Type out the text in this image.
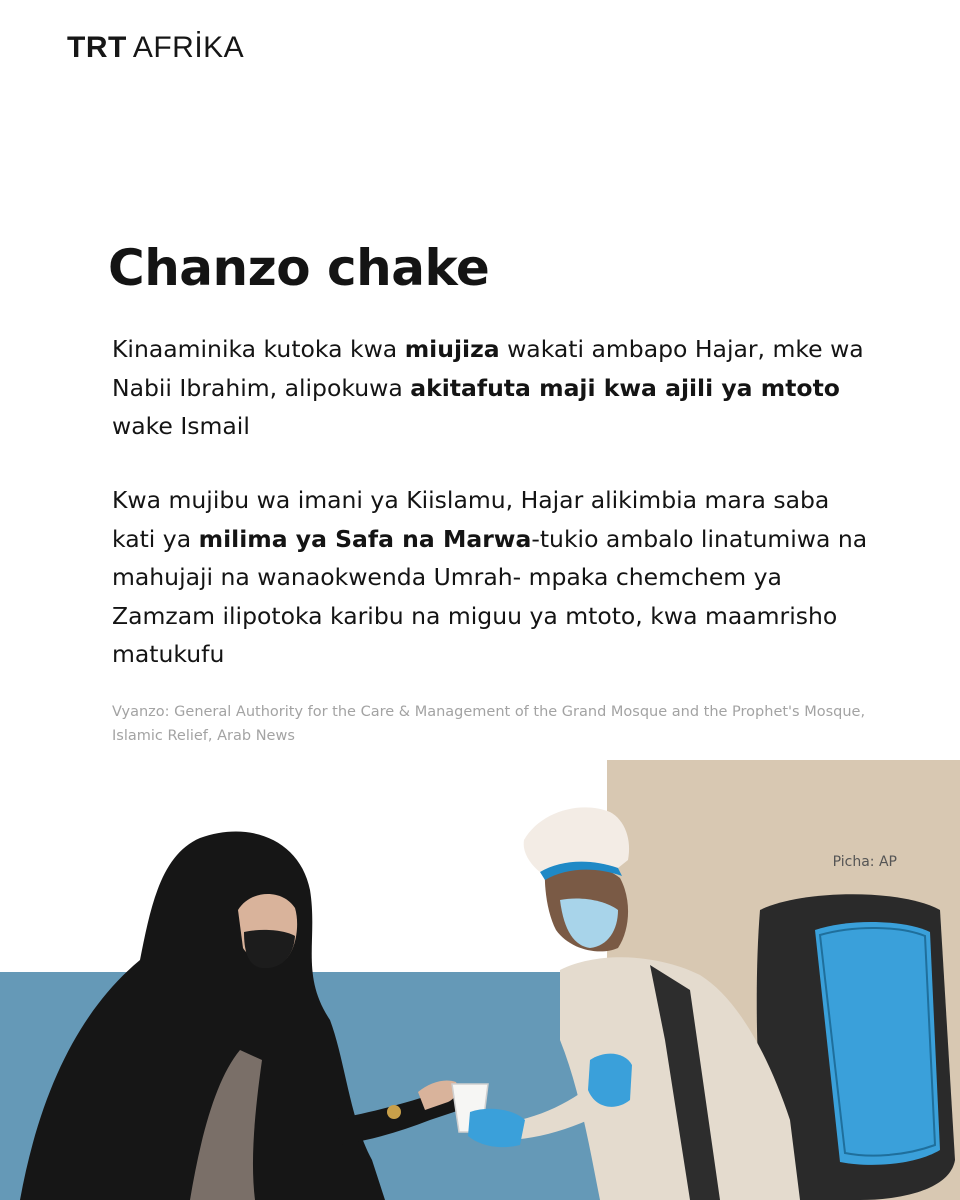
TRT AFRİKA
Chanzo chake

Kinaaminika kutoka kwa miujiza wakati ambapo Hajar, mke wa Nabii Ibrahim, alipokuwa akitafuta maji kwa ajili ya mtoto wake Ismail

Kwa mujibu wa imani ya Kiislamu, Hajar alikimbia mara saba kati ya milima ya Safa na Marwa-tukio ambalo linatumiwa na mahujaji na wanaokwenda Umrah- mpaka chemchem ya Zamzam ilipotoka karibu na miguu ya mtoto, kwa maamrisho matukufu

Vyanzo: General Authority for the Care & Management of the Grand Mosque and the Prophet's Mosque, Islamic Relief, Arab News
Picha: AP
